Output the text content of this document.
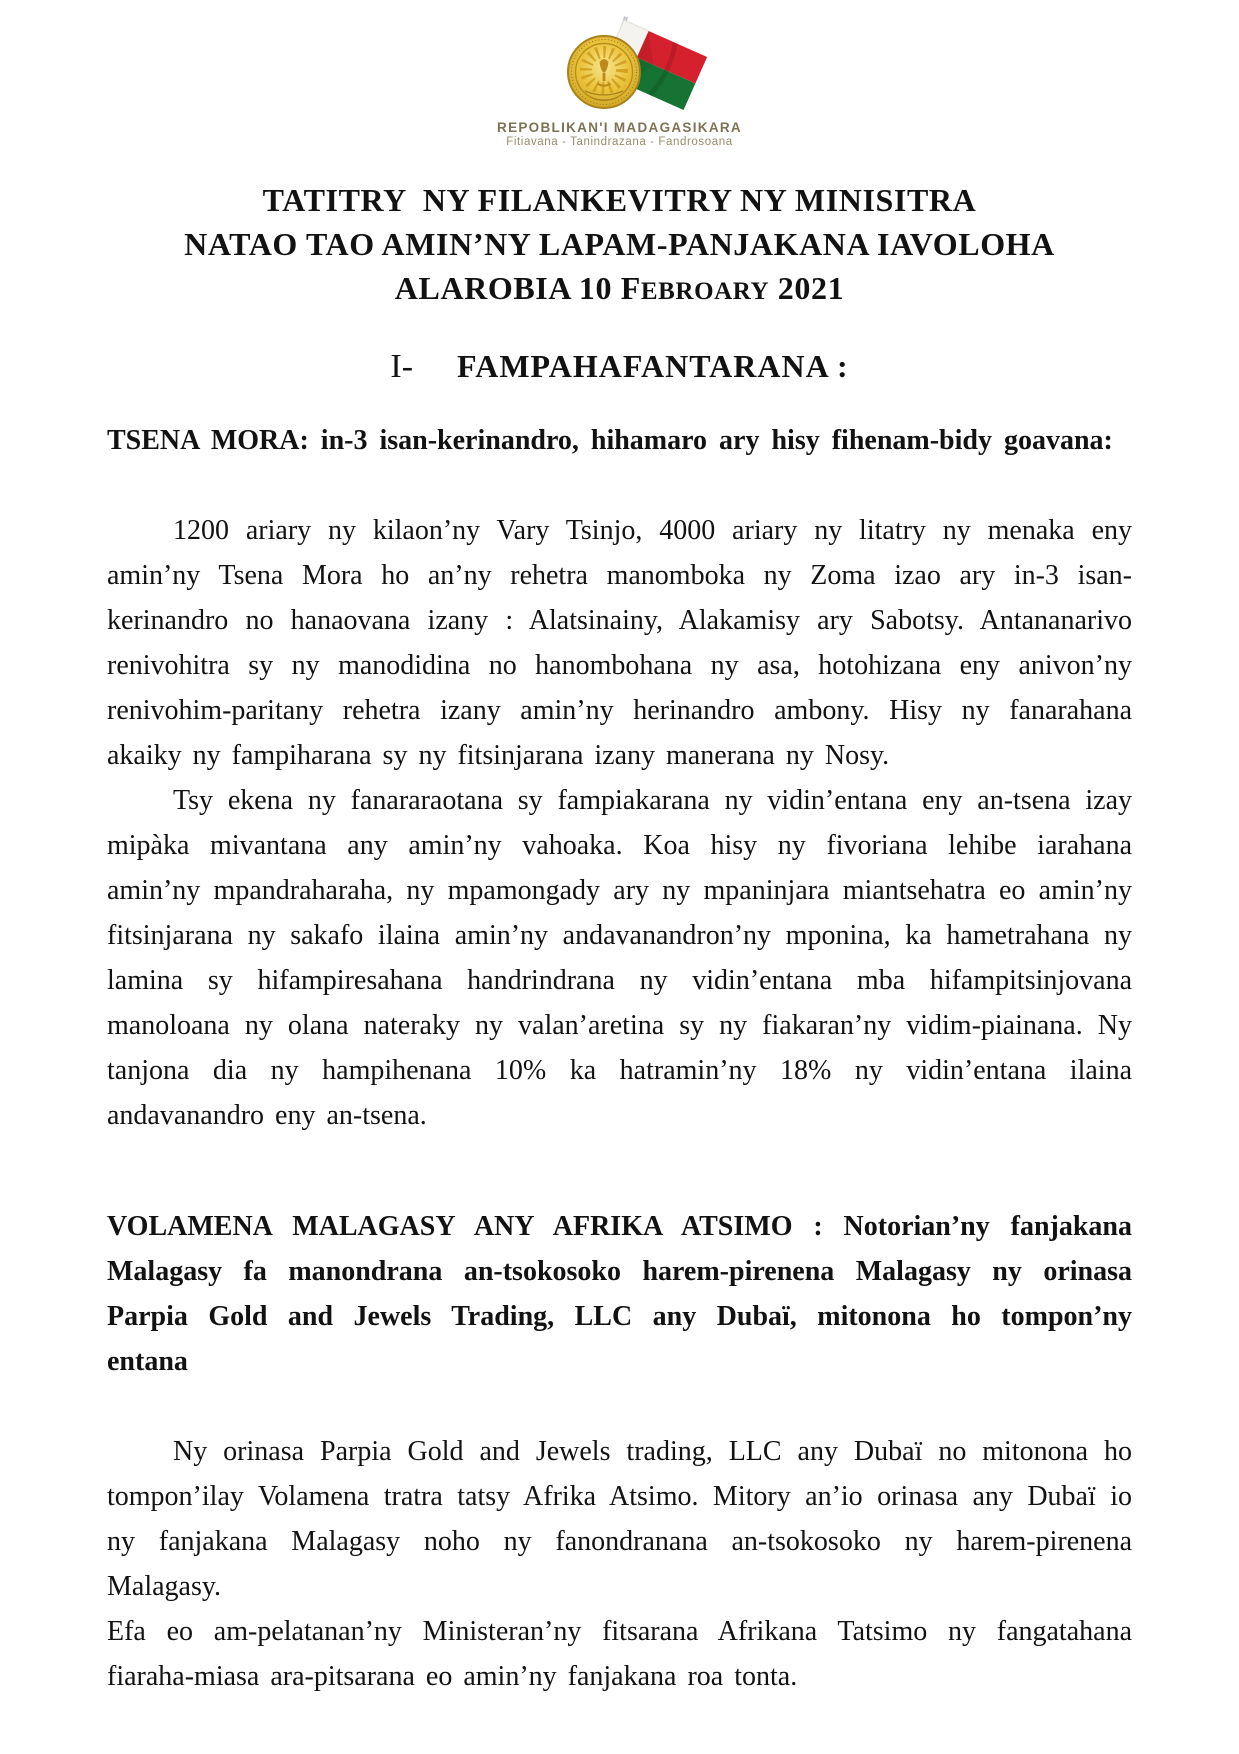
REPOBLIKAN'I MADAGASIKARA
Fitiavana - Tanindrazana - Fandrosoana
TATITRY  NY FILANKEVITRY NY MINISITRA
NATAO TAO AMIN’NY LAPAM-PANJAKANA IAVOLOHA
ALAROBIA 10 FEBROARY 2021
I- FAMPAHAFANTARANA :
TSENA MORA: in-3 isan-kerinandro, hihamaro ary hisy fihenam-bidy goavana:

1200 ariary ny kilaon’ny Vary Tsinjo, 4000 ariary ny litatry ny menaka eny amin’ny Tsena Mora ho an’ny rehetra manomboka ny Zoma izao ary in-3 isan-kerinandro no hanaovana izany : Alatsinainy, Alakamisy ary Sabotsy. Antananarivo renivohitra sy ny manodidina no hanombohana ny asa, hotohizana eny anivon’ny renivohim-paritany rehetra izany amin’ny herinandro ambony. Hisy ny fanarahana akaiky ny fampiharana sy ny fitsinjarana izany manerana ny Nosy.

Tsy ekena ny fanararaotana sy fampiakarana ny vidin’entana eny an-tsena izay mipàka mivantana any amin’ny vahoaka. Koa hisy ny fivoriana lehibe iarahana amin’ny mpandraharaha, ny mpamongady ary ny mpaninjara miantsehatra eo amin’ny fitsinjarana ny sakafo ilaina amin’ny andavanandron’ny mponina, ka hametrahana ny lamina sy hifampiresahana handrindrana ny vidin’entana mba hifampitsinjovana manoloana ny olana nateraky ny valan’aretina sy ny fiakaran’ny vidim-piainana. Ny tanjona dia ny hampihenana 10% ka hatramin’ny 18% ny vidin’entana ilaina andavanandro eny an-tsena.

VOLAMENA MALAGASY ANY AFRIKA ATSIMO : Notorian’ny fanjakana Malagasy fa manondrana an-tsokosoko harem-pirenena Malagasy ny orinasa Parpia Gold and Jewels Trading, LLC any Dubaï, mitonona ho tompon’ny entana

Ny orinasa Parpia Gold and Jewels trading, LLC any Dubaï no mitonona ho tompon’ilay Volamena tratra tatsy Afrika Atsimo. Mitory an’io orinasa any Dubaï io ny fanjakana Malagasy noho ny fanondranana an-tsokosoko ny harem-pirenena Malagasy.

Efa eo am-pelatanan’ny Ministeran’ny fitsarana Afrikana Tatsimo ny fangatahana fiaraha-miasa ara-pitsarana eo amin’ny fanjakana roa tonta.
